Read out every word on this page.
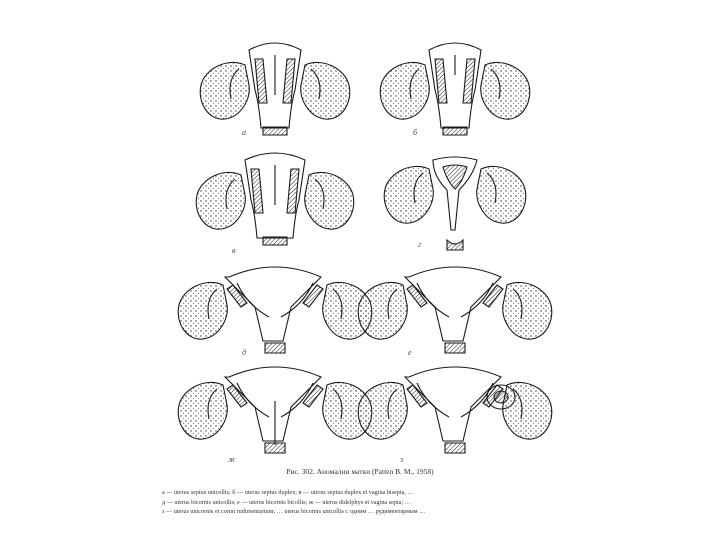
а	б
в
г
д	е
ж	з
Рис. 302. Аномалии матки (Patten B. M., 1958)
а — uterus septus unicollis; б — uterus septus duplex; в — uterus septus duplex et vagina bisepta, …
д — uterus bicornis unicollis; е — uterus bicornis bicollis; ж — uterus didelphys et vagina septa; …
з — uterus unicornis et cornu rudimentarium; … uterus bicornis unicollis с одним … рудиментарным …
